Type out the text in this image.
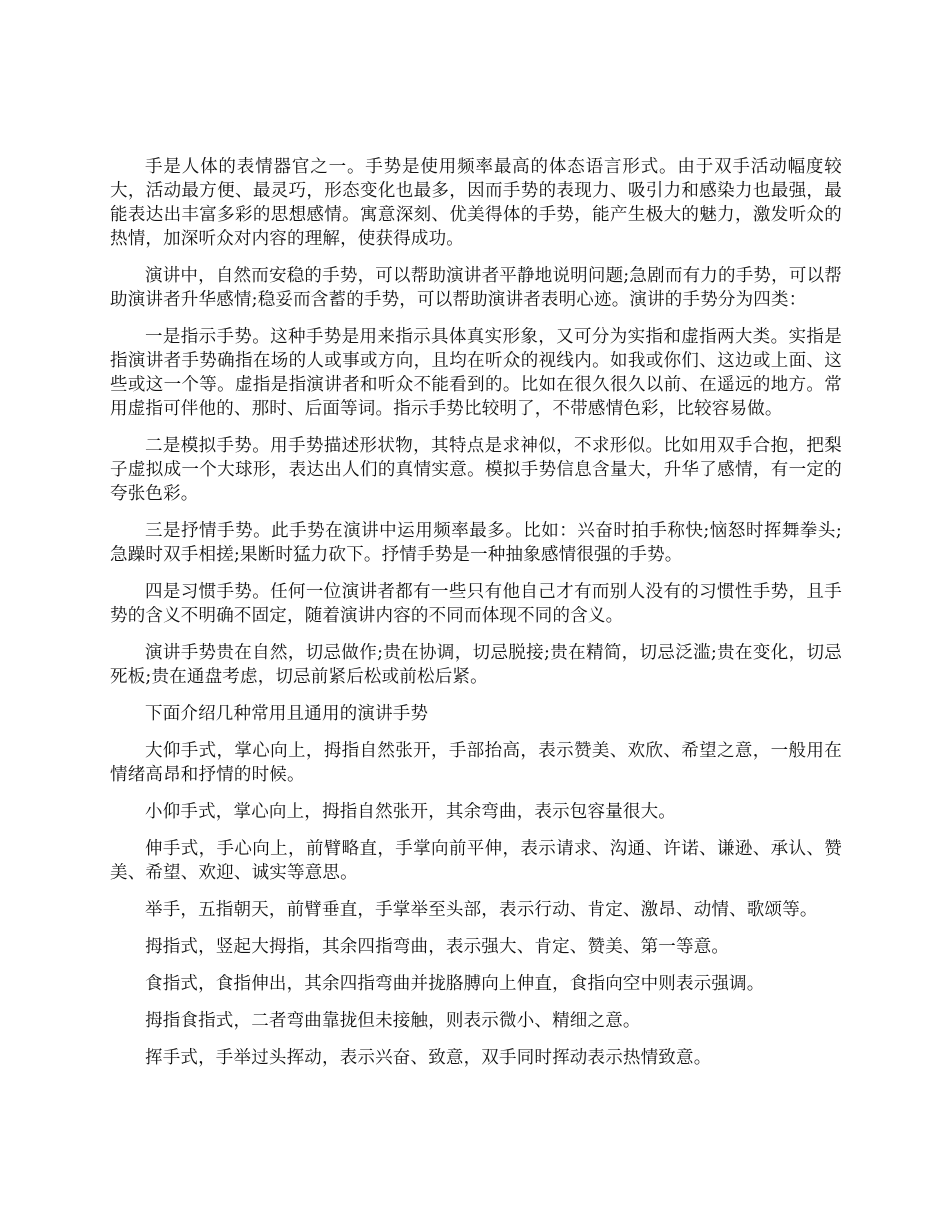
手是人体的表情器官之一。手势是使用频率最高的体态语言形式。由于双手活动幅度较大，活动最方便、最灵巧，形态变化也最多，因而手势的表现力、吸引力和感染力也最强，最能表达出丰富多彩的思想感情。寓意深刻、优美得体的手势，能产生极大的魅力，激发听众的热情，加深听众对内容的理解，使获得成功。

演讲中，自然而安稳的手势，可以帮助演讲者平静地说明问题;急剧而有力的手势，可以帮助演讲者升华感情;稳妥而含蓄的手势，可以帮助演讲者表明心迹。演讲的手势分为四类：

一是指示手势。这种手势是用来指示具体真实形象，又可分为实指和虚指两大类。实指是指演讲者手势确指在场的人或事或方向，且均在听众的视线内。如我或你们、这边或上面、这些或这一个等。虚指是指演讲者和听众不能看到的。比如在很久很久以前、在遥远的地方。常用虚指可伴他的、那时、后面等词。指示手势比较明了，不带感情色彩，比较容易做。

二是模拟手势。用手势描述形状物，其特点是求神似，不求形似。比如用双手合抱，把梨子虚拟成一个大球形，表达出人们的真情实意。模拟手势信息含量大，升华了感情，有一定的夸张色彩。

三是抒情手势。此手势在演讲中运用频率最多。比如：兴奋时拍手称快;恼怒时挥舞拳头;急躁时双手相搓;果断时猛力砍下。抒情手势是一种抽象感情很强的手势。

四是习惯手势。任何一位演讲者都有一些只有他自己才有而别人没有的习惯性手势，且手势的含义不明确不固定，随着演讲内容的不同而体现不同的含义。

演讲手势贵在自然，切忌做作;贵在协调，切忌脱接;贵在精简，切忌泛滥;贵在变化，切忌死板;贵在通盘考虑，切忌前紧后松或前松后紧。

下面介绍几种常用且通用的演讲手势

大仰手式，掌心向上，拇指自然张开，手部抬高，表示赞美、欢欣、希望之意，一般用在情绪高昂和抒情的时候。

小仰手式，掌心向上，拇指自然张开，其余弯曲，表示包容量很大。

伸手式，手心向上，前臂略直，手掌向前平伸，表示请求、沟通、许诺、谦逊、承认、赞美、希望、欢迎、诚实等意思。

举手，五指朝天，前臂垂直，手掌举至头部，表示行动、肯定、激昂、动情、歌颂等。

拇指式，竖起大拇指，其余四指弯曲，表示强大、肯定、赞美、第一等意。

食指式，食指伸出，其余四指弯曲并拢胳膊向上伸直，食指向空中则表示强调。

拇指食指式，二者弯曲靠拢但未接触，则表示微小、精细之意。

挥手式，手举过头挥动，表示兴奋、致意，双手同时挥动表示热情致意。
